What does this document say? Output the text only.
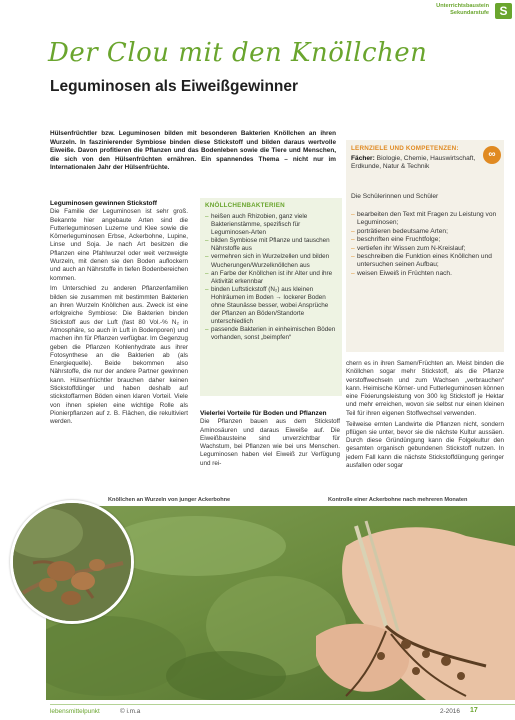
Unterrichtsbaustein
Sekundarstufe S
Der Clou mit den Knöllchen
Leguminosen als Eiweißgewinner
Hülsenfrüchtler bzw. Leguminosen bilden mit besonderen Bakterien Knöllchen an ihren Wurzeln. In faszinierender Symbiose binden diese Stickstoff und bilden daraus wertvolle Eiweiße. Davon profitieren die Pflanzen und das Bodenleben sowie die Tiere und Menschen, die sich von den Hülsenfrüchten ernähren. Ein spannendes Thema – nicht nur im Internationalen Jahr der Hülsenfrüchte.
LERNZIELE UND KOMPETENZEN:
∞
Fächer: Biologie, Chemie, Hauswirtschaft, Erdkunde, Natur & Technik
Die Schülerinnen und Schüler
– bearbeiten den Text mit Fragen zu Leistung von Leguminosen;
– porträtieren bedeutsame Arten;
– beschriften eine Fruchtfolge;
– vertiefen ihr Wissen zum N-Kreislauf;
– beschreiben die Funktion eines Knöllchen und untersuchen seinen Aufbau;
– weisen Eiweiß in Früchten nach.
Leguminosen gewinnen Stickstoff

Die Familie der Leguminosen ist sehr groß. Bekannte hier angebaute Arten sind die Futterleguminosen Luzerne und Klee sowie die Körnerleguminosen Erbse, Ackerbohne, Lupine, Linse und Soja. Je nach Art besitzen die Pflanzen eine Pfahlwurzel oder weit verzweigte Wurzeln, mit denen sie den Boden auflockern und auch an Nährstoffe in tiefen Bodenbereichen kommen.

Im Unterschied zu anderen Pflanzenfamilien bilden sie zusammen mit bestimmten Bakterien an ihren Wurzeln Knöllchen aus. Zweck ist eine erfolgreiche Symbiose: Die Bakterien binden Stickstoff aus der Luft (fast 80 Vol.-% N₂ in Atmosphäre, so auch in Luft in Bodenporen) und machen ihn für Pflanzen verfügbar. Im Gegenzug geben die Pflanzen Kohlenhydrate aus ihrer Fotosynthese an die Bakterien ab (als Energiequelle). Beide bekommen also Nährstoffe, die nur der andere Partner gewinnen kann. Hülsenfrüchtler brauchen daher keinen Stickstoffdünger und haben deshalb auf stickstoffarmen Böden einen klaren Vorteil. Viele von ihnen spielen eine wichtige Rolle als Pionierpflanzen auf z. B. Flächen, die rekultiviert werden.

KNÖLLCHENBAKTERIEN
– heißen auch Rhizobien, ganz viele Bakterienstämme, spezifisch für Leguminosen-Arten
– bilden Symbiose mit Pflanze und tauschen Nährstoffe aus
– vermehren sich in Wurzelzellen und bilden Wucherungen/Wurzelknöllchen aus
– an Farbe der Knöllchen ist ihr Alter und ihre Aktivität erkennbar
– binden Luftstickstoff (N₂) aus kleinen Hohlräumen im Boden → lockerer Boden ohne Staunässe besser, wobei Ansprüche der Pflanzen an Böden/Standorte unterschiedlich
– passende Bakterien in einheimischen Böden vorhanden, sonst „beimpfen“
Vielerlei Vorteile für Boden und Pflanzen

Die Pflanzen bauen aus dem Stickstoff Aminosäuren und daraus Eiweiße auf. Die Eiweißbausteine sind unverzichtbar für Wachstum, bei Pflanzen wie bei uns Menschen. Leguminosen haben viel Eiweiß zur Verfügung und rei-

chern es in ihren Samen/Früchten an. Meist binden die Knöllchen sogar mehr Stickstoff, als die Pflanze verstoffwechseln und zum Wachsen „verbrauchen“ kann. Heimische Körner- und Futterleguminosen können eine Fixierungsleistung von 300 kg Stickstoff je Hektar und mehr erreichen, wovon sie selbst nur einen kleinen Teil für ihren eigenen Stoffwechsel verwenden.

Teilweise ernten Landwirte die Pflanzen nicht, sondern pflügen sie unter, bevor sie die nächste Kultur aussäen. Durch diese Gründüngung kann die Folgekultur den gesamten organisch gebundenen Stickstoff nutzen. In jedem Fall kann die nächste Stickstoffdüngung geringer ausfallen oder sogar

Knöllchen an Wurzeln von junger Ackerbohne	Kontrolle einer Ackerbohne nach mehreren Monaten
lebensmittelpunkt	© i.m.a	2-2016 17
